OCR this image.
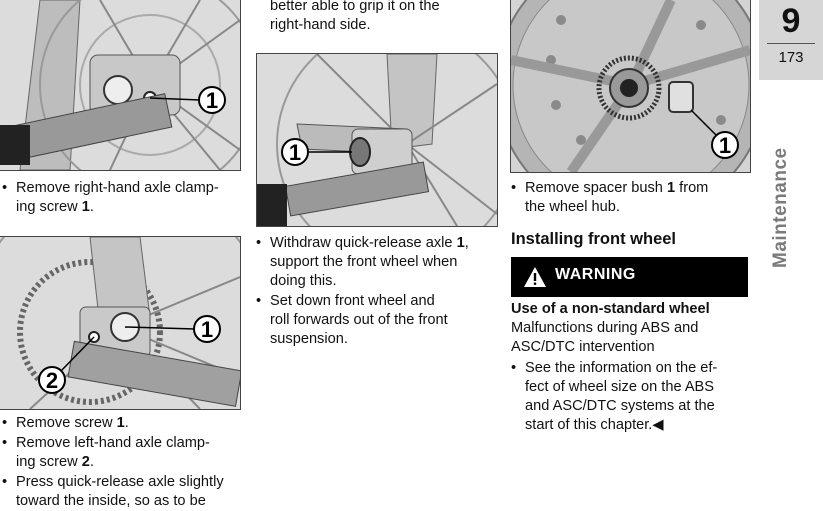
1
1
2
1	1
• Remove right-hand axle clamp-
ing screw 1.
• Remove screw 1.
• Remove left-hand axle clamp-
ing screw 2.
• Press quick-release axle slightly
toward the inside, so as to be
better able to grip it on the
right-hand side.
• Withdraw quick-release axle 1,
support the front wheel when
doing this.
• Set down front wheel and
roll forwards out of the front
suspension.
• Remove spacer bush 1 from
the wheel hub.
Installing front wheel
WARNING
Use of a non-standard wheel
Malfunctions during ABS and
ASC/DTC intervention
• See the information on the ef-
fect of wheel size on the ABS
and ASC/DTC systems at the
start of this chapter.◀
9
173
Maintenance
